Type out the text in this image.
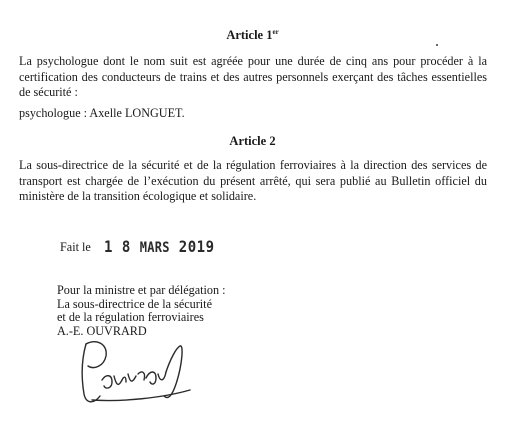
Article 1er
La psychologue dont le nom suit est agréée pour une durée de cinq ans pour procéder à la certification des conducteurs de trains et des autres personnels exerçant des tâches essentielles de sécurité :
psychologue : Axelle LONGUET.
Article 2
La sous-directrice de la sécurité et de la régulation ferroviaires à la direction des services de transport est chargée de l’exécution du présent arrêté, qui sera publié au Bulletin officiel du ministère de la transition écologique et solidaire.
Fait le 1 8 MARS 2019
Pour la ministre et par délégation :
La sous-directrice de la sécurité
et de la régulation ferroviaires
A.-E. OUVRARD
